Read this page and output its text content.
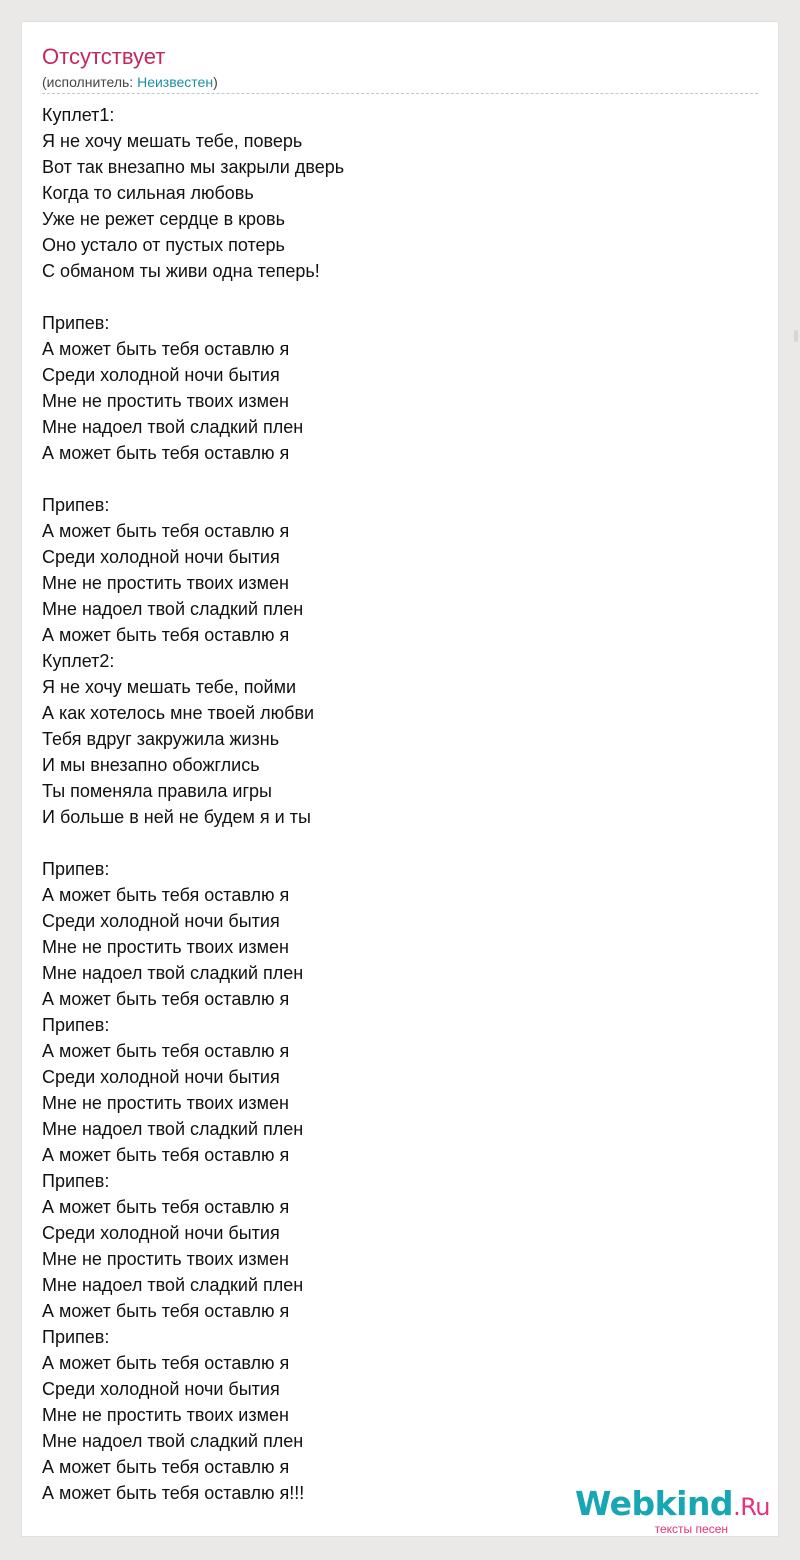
Отсутствует
(исполнитель: Неизвестен)
Куплет1:
Я не хочу мешать тебе, поверь
Вот так внезапно мы закрыли дверь
Когда то сильная любовь
Уже не режет сердце в кровь
Оно устало от пустых потерь
С обманом ты живи одна теперь!
Припев:
А может быть тебя оставлю я
Среди холодной ночи бытия
Мне не простить твоих измен
Мне надоел твой сладкий плен
А может быть тебя оставлю я
Припев:
А может быть тебя оставлю я
Среди холодной ночи бытия
Мне не простить твоих измен
Мне надоел твой сладкий плен
А может быть тебя оставлю я
Куплет2:
Я не хочу мешать тебе, пойми
А как хотелось мне твоей любви
Тебя вдруг закружила жизнь
И мы внезапно обожглись
Ты поменяла правила игры
И больше в ней не будем я и ты
Припев:
А может быть тебя оставлю я
Среди холодной ночи бытия
Мне не простить твоих измен
Мне надоел твой сладкий плен
А может быть тебя оставлю я
Припев:
А может быть тебя оставлю я
Среди холодной ночи бытия
Мне не простить твоих измен
Мне надоел твой сладкий плен
А может быть тебя оставлю я
Припев:
А может быть тебя оставлю я
Среди холодной ночи бытия
Мне не простить твоих измен
Мне надоел твой сладкий плен
А может быть тебя оставлю я
Припев:
А может быть тебя оставлю я
Среди холодной ночи бытия
Мне не простить твоих измен
Мне надоел твой сладкий плен
А может быть тебя оставлю я
А может быть тебя оставлю я!!!	Webkind.Ru
тексты песен
